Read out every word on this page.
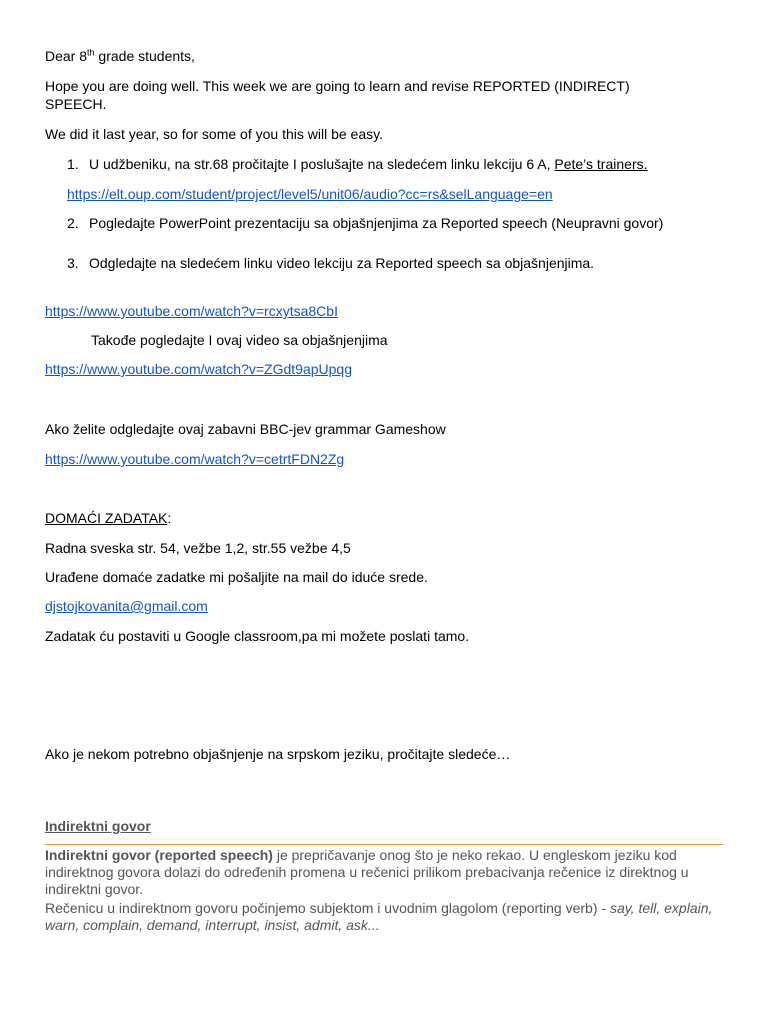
Dear 8th grade students,
Hope you are doing well. This week we are going to learn and revise REPORTED (INDIRECT)
SPEECH.
We did it last year, so for some of you this will be easy.
1. U udžbeniku, na str.68 pročitajte I poslušajte na sledećem linku lekciju 6 A, Pete’s trainers.
https://elt.oup.com/student/project/level5/unit06/audio?cc=rs&selLanguage=en
2. Pogledajte PowerPoint prezentaciju sa objašnjenjima za Reported speech (Neupravni govor)
3. Odgledajte na sledećem linku video lekciju za Reported speech sa objašnjenjima.
https://www.youtube.com/watch?v=rcxytsa8CbI
Takođe pogledajte I ovaj video sa objašnjenjima
https://www.youtube.com/watch?v=ZGdt9apUpqg
Ako želite odgledajte ovaj zabavni BBC-jev grammar Gameshow
https://www.youtube.com/watch?v=cetrtFDN2Zg
DOMAĆI ZADATAK:
Radna sveska str. 54, vežbe 1,2, str.55 vežbe 4,5
Urađene domaće zadatke mi pošaljite na mail do iduće srede.
djstojkovanita@gmail.com
Zadatak ću postaviti u Google classroom,pa mi možete poslati tamo.
Ako je nekom potrebno objašnjenje na srpskom jeziku, pročitajte sledeće…
Indirektni govor
Indirektni govor (reported speech) je prepričavanje onog što je neko rekao. U engleskom jeziku kod indirektnog govora dolazi do određenih promena u rečenici prilikom prebacivanja rečenice iz direktnog u indirektni govor.
Rečenicu u indirektnom govoru počinjemo subjektom i uvodnim glagolom (reporting verb) - say, tell, explain, warn, complain, demand, interrupt, insist, admit, ask...
